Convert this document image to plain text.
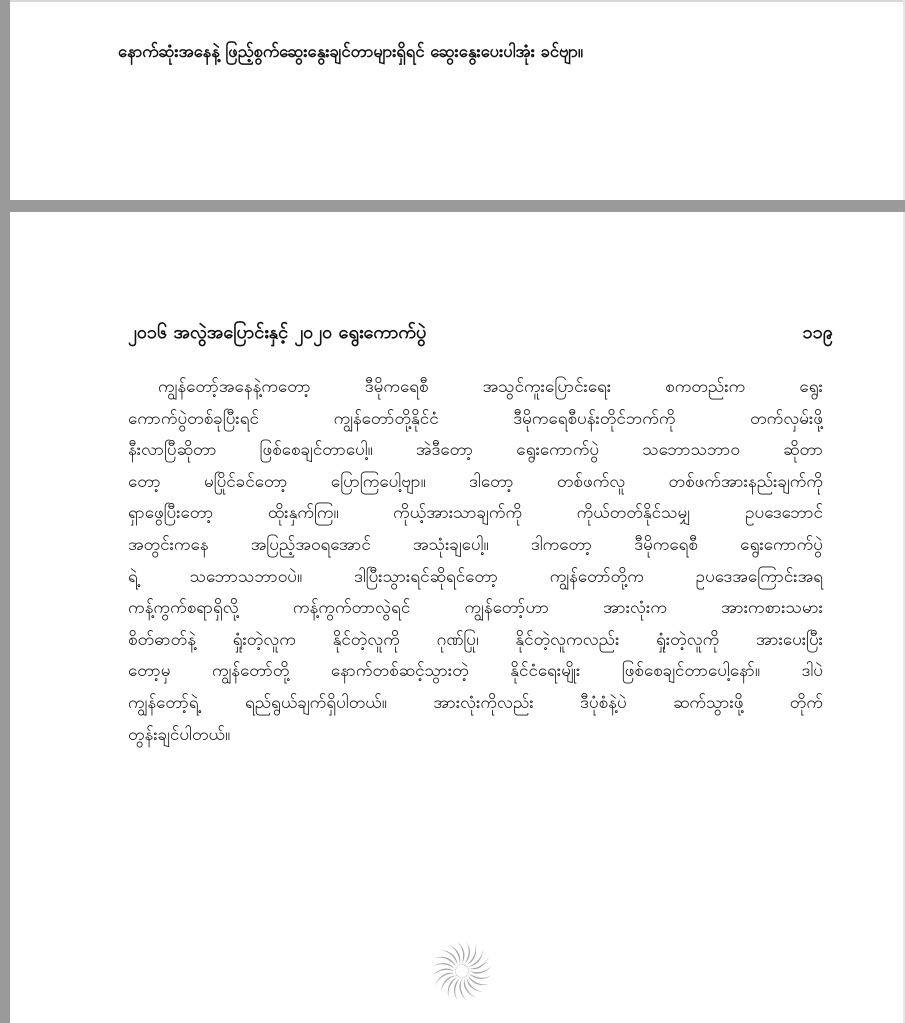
နောက်ဆုံးအနေနဲ့ ဖြည့်စွက်ဆွေးနွေးချင်တာများရှိရင် ဆွေးနွေးပေးပါအုံး ခင်ဗျာ။
၂၀၁၆ အလွဲအပြောင်းနှင့် ၂၀၂၀ ရွေးကောက်ပွဲ	၁၁၉
ကျွန်တော့်အနေနဲ့ကတော့ ဒီမိုကရေစီ အသွင်ကူးပြောင်းရေး စကတည်းက ရွေး
ကောက်ပွဲတစ်ခုပြီးရင် ကျွန်တော်တို့နိုင်ငံ ဒီမိုကရေစီပန်းတိုင်ဘက်ကို တက်လှမ်းဖို့
နီးလာပြီဆိုတာ ဖြစ်စေချင်တာပေါ့။ အဲဒီတော့ ရွေးကောက်ပွဲ သဘောသဘာဝ ဆိုတာ
တော့ မပြိုင်ခင်တော့ ပြောကြပေါ့ဗျာ။ ဒါတော့ တစ်ဖက်လူ တစ်ဖက်အားနည်းချက်ကို
ရှာဖွေပြီးတော့ ထိုးနှက်ကြ။ ကိုယ့်အားသာချက်ကို ကိုယ်တတ်နိုင်သမျှ ဥပဒေဘောင်
အတွင်းကနေ အပြည့်အဝရအောင် အသုံးချပေါ့။ ဒါကတော့ ဒီမိုကရေစီ ရွေးကောက်ပွဲ
ရဲ့ သဘောသဘာဝပဲ။ ဒါပြီးသွားရင်ဆိုရင်တော့ ကျွန်တော်တို့က ဥပဒေအကြောင်းအရ
ကန့်ကွက်စရာရှိလို့ ကန့်ကွက်တာလွဲရင် ကျွန်တော့်ဟာ အားလုံးက အားကစားသမား
စိတ်ဓာတ်နဲ့ ရှုံးတဲ့လူက နိုင်တဲ့လူကို ဂုဏ်ပြု၊ နိုင်တဲ့လူကလည်း ရှုံးတဲ့လူကို အားပေးပြီး
တော့မှ ကျွန်တော်တို့ နောက်တစ်ဆင့်သွားတဲ့ နိုင်ငံရေးမျိုး ဖြစ်စေချင်တာပေါ့နော်။ ဒါပဲ
ကျွန်တော့်ရဲ့ ရည်ရွယ်ချက်ရှိပါတယ်။ အားလုံးကိုလည်း ဒီပုံစံနဲ့ပဲ ဆက်သွားဖို့ တိုက်
တွန်းချင်ပါတယ်။
